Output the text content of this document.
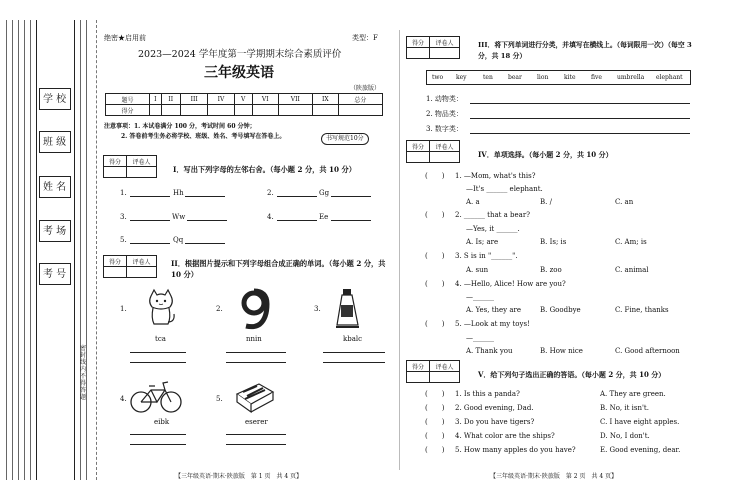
学 校
班 级
姓 名
考 场
考 号
密 封 线 内 不 得 答 题
绝密★启用前	类型：F
2023—2024 学年度第一学期期末综合素质评价
三年级英语
（陕旅版）
题号	I	II	III	IV	V	VI	VII	IX	总分
得分									
注意事项：1. 本试卷满分 100 分，考试时间 60 分钟；
2. 答卷前考生务必将学校、班级、姓名、考号填写在答卷上。	书写规范10分
得分	评卷人

I．写出下列字母的左邻右舍。（每小题 2 分，共 10 分）
1.	Hh	2.	Gg
3.	Ww	4.	Ee
5.	Qq
得分	评卷人
		II．根据图片提示和下列字母组合成正确的单词。（每小题 2 分，共 10 分）
1.
tca
2.
nnin
3.
kbalc
4.
eibk
5.
eserer
【三年级英语·期末·陕旅版　第 1 页　共 4 页】
得分	评卷人
		III．将下列单词进行分类，并填写在横线上。（每词限用一次）（每空 3 分，共 18 分）
two key	ten	bear	lion	kite	five	umbrella elephant
1. 动物类：
2. 物品类：
3. 数字类：
得分	评卷人

IV．单项选择。（每小题 2 分，共 10 分）
(　　) 1. —Mom, what's this?
—It's ______ elephant.
A. a	B. /	C. an
(　　) 2. ______ that a bear?
—Yes, it ______.
A. Is; are	B. Is; is	C. Am; is
(　　) 3. S is in "______".
A. sun	B. zoo	C. animal
(　　) 4. —Hello, Alice! How are you?
—______
A. Yes, they are	B. Goodbye	C. Fine, thanks
(　　) 5. —Look at my toys!
—______
A. Thank you	B. How nice	C. Good afternoon
得分	评卷人

V．给下列句子选出正确的答语。（每小题 2 分，共 10 分）
(　　) 1. Is this a panda?	A. They are green.
(　　) 2. Good evening, Dad.	B. No, it isn't.
(　　) 3. Do you have tigers?	C. I have eight apples.
(　　) 4. What color are the ships?	D. No, I don't.
(　　) 5. How many apples do you have?	E. Good evening, dear.
【三年级英语·期末·陕旅版　第 2 页　共 4 页】
